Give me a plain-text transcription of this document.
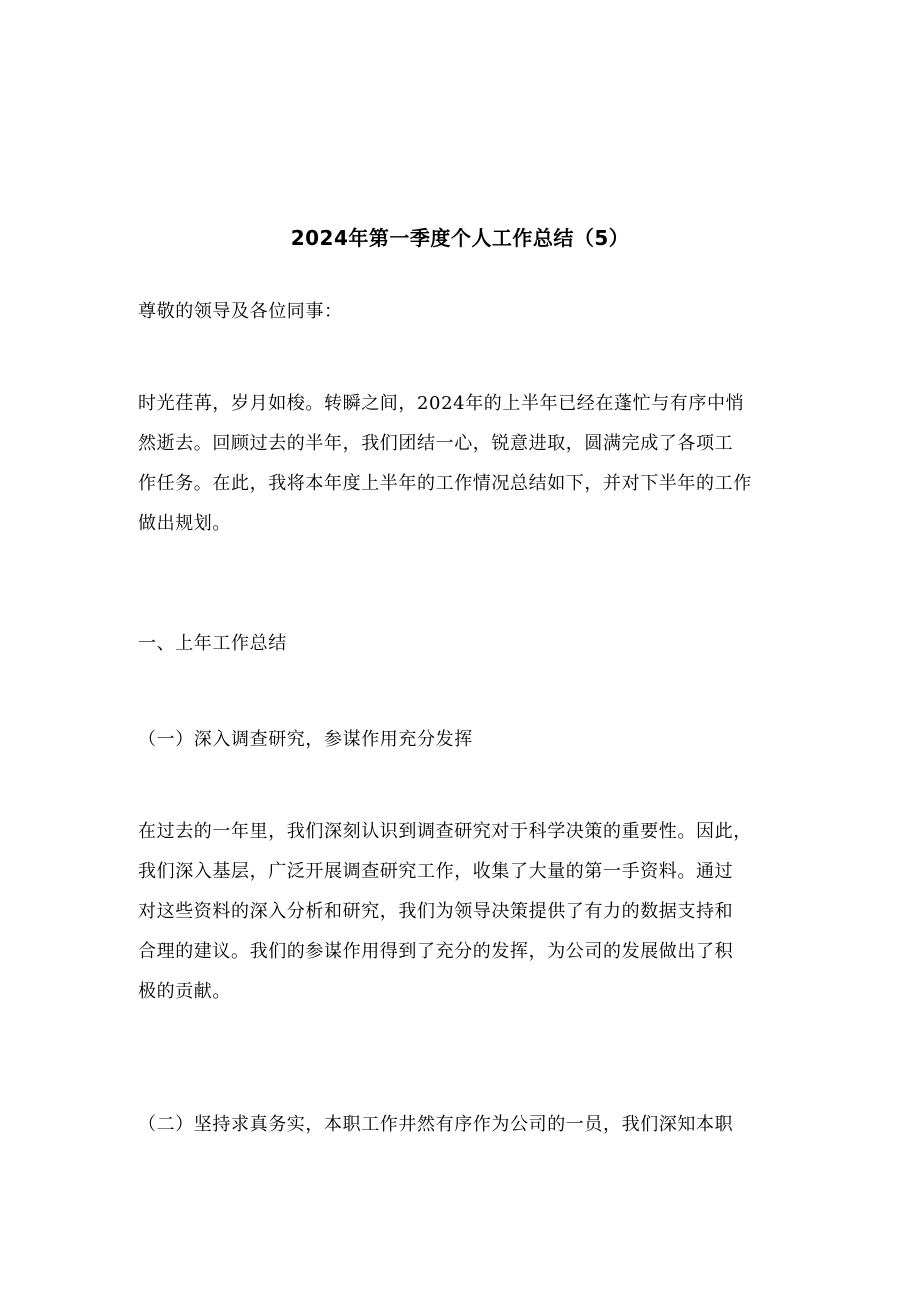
2024年第一季度个人工作总结（5）
尊敬的领导及各位同事：
时光荏苒，岁月如梭。转瞬之间，2024年的上半年已经在蓬忙与有序中悄
然逝去。回顾过去的半年，我们团结一心，锐意进取，圆满完成了各项工
作任务。在此，我将本年度上半年的工作情况总结如下，并对下半年的工作
做出规划。
一、上年工作总结
（一）深入调查研究，参谋作用充分发挥
在过去的一年里，我们深刻认识到调查研究对于科学决策的重要性。因此，
我们深入基层，广泛开展调查研究工作，收集了大量的第一手资料。通过
对这些资料的深入分析和研究，我们为领导决策提供了有力的数据支持和
合理的建议。我们的参谋作用得到了充分的发挥，为公司的发展做出了积
极的贡献。
（二）坚持求真务实，本职工作井然有序作为公司的一员，我们深知本职
